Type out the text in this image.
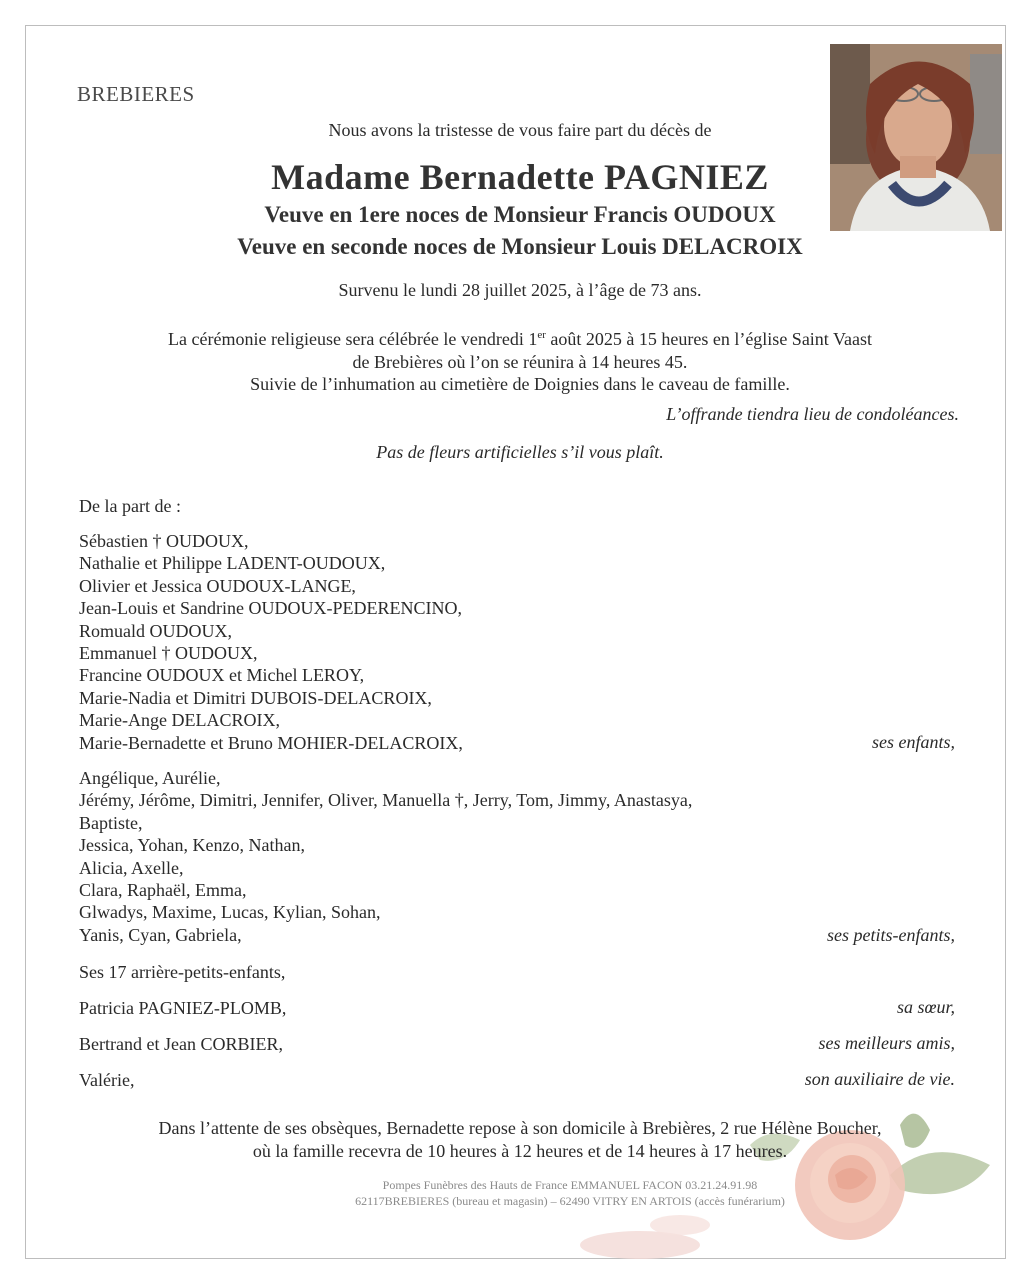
BREBIERES
Nous avons la tristesse de vous faire part du décès de
Madame Bernadette PAGNIEZ
Veuve en 1ere noces de Monsieur Francis OUDOUX
Veuve en seconde noces de Monsieur Louis DELACROIX
Survenu le lundi 28 juillet 2025, à l’âge de 73 ans.
La cérémonie religieuse sera célébrée le vendredi 1er août 2025 à 15 heures en l’église Saint Vaast
de Brebières où l’on se réunira à 14 heures 45.
Suivie de l’inhumation au cimetière de Doignies dans le caveau de famille.
L’offrande tiendra lieu de condoléances.
Pas de fleurs artificielles s’il vous plaît.
De la part de :
Sébastien † OUDOUX,
Nathalie et Philippe LADENT-OUDOUX,
Olivier et Jessica OUDOUX-LANGE,
Jean-Louis et Sandrine OUDOUX-PEDERENCINO,
Romuald OUDOUX,
Emmanuel † OUDOUX,
Francine OUDOUX et Michel LEROY,
Marie-Nadia et Dimitri DUBOIS-DELACROIX,
Marie-Ange DELACROIX,
Marie-Bernadette et Bruno MOHIER-DELACROIX,	ses enfants,
Angélique, Aurélie,
Jérémy, Jérôme, Dimitri, Jennifer, Oliver, Manuella †, Jerry, Tom, Jimmy, Anastasya,
Baptiste,
Jessica, Yohan, Kenzo, Nathan,
Alicia, Axelle,
Clara, Raphaël, Emma,
Glwadys, Maxime, Lucas, Kylian, Sohan,
Yanis, Cyan, Gabriela,	ses petits-enfants,
Ses 17 arrière-petits-enfants,
Patricia PAGNIEZ-PLOMB,	sa sœur,
Bertrand et Jean CORBIER,	ses meilleurs amis,
Valérie,	son auxiliaire de vie.
Dans l’attente de ses obsèques, Bernadette repose à son domicile à Brebières, 2 rue Hélène Boucher,
où la famille recevra de 10 heures à 12 heures et de 14 heures à 17 heures.
Pompes Funèbres des Hauts de France EMMANUEL FACON 03.21.24.91.98
62117BREBIERES (bureau et magasin) – 62490 VITRY EN ARTOIS (accès funérarium)
